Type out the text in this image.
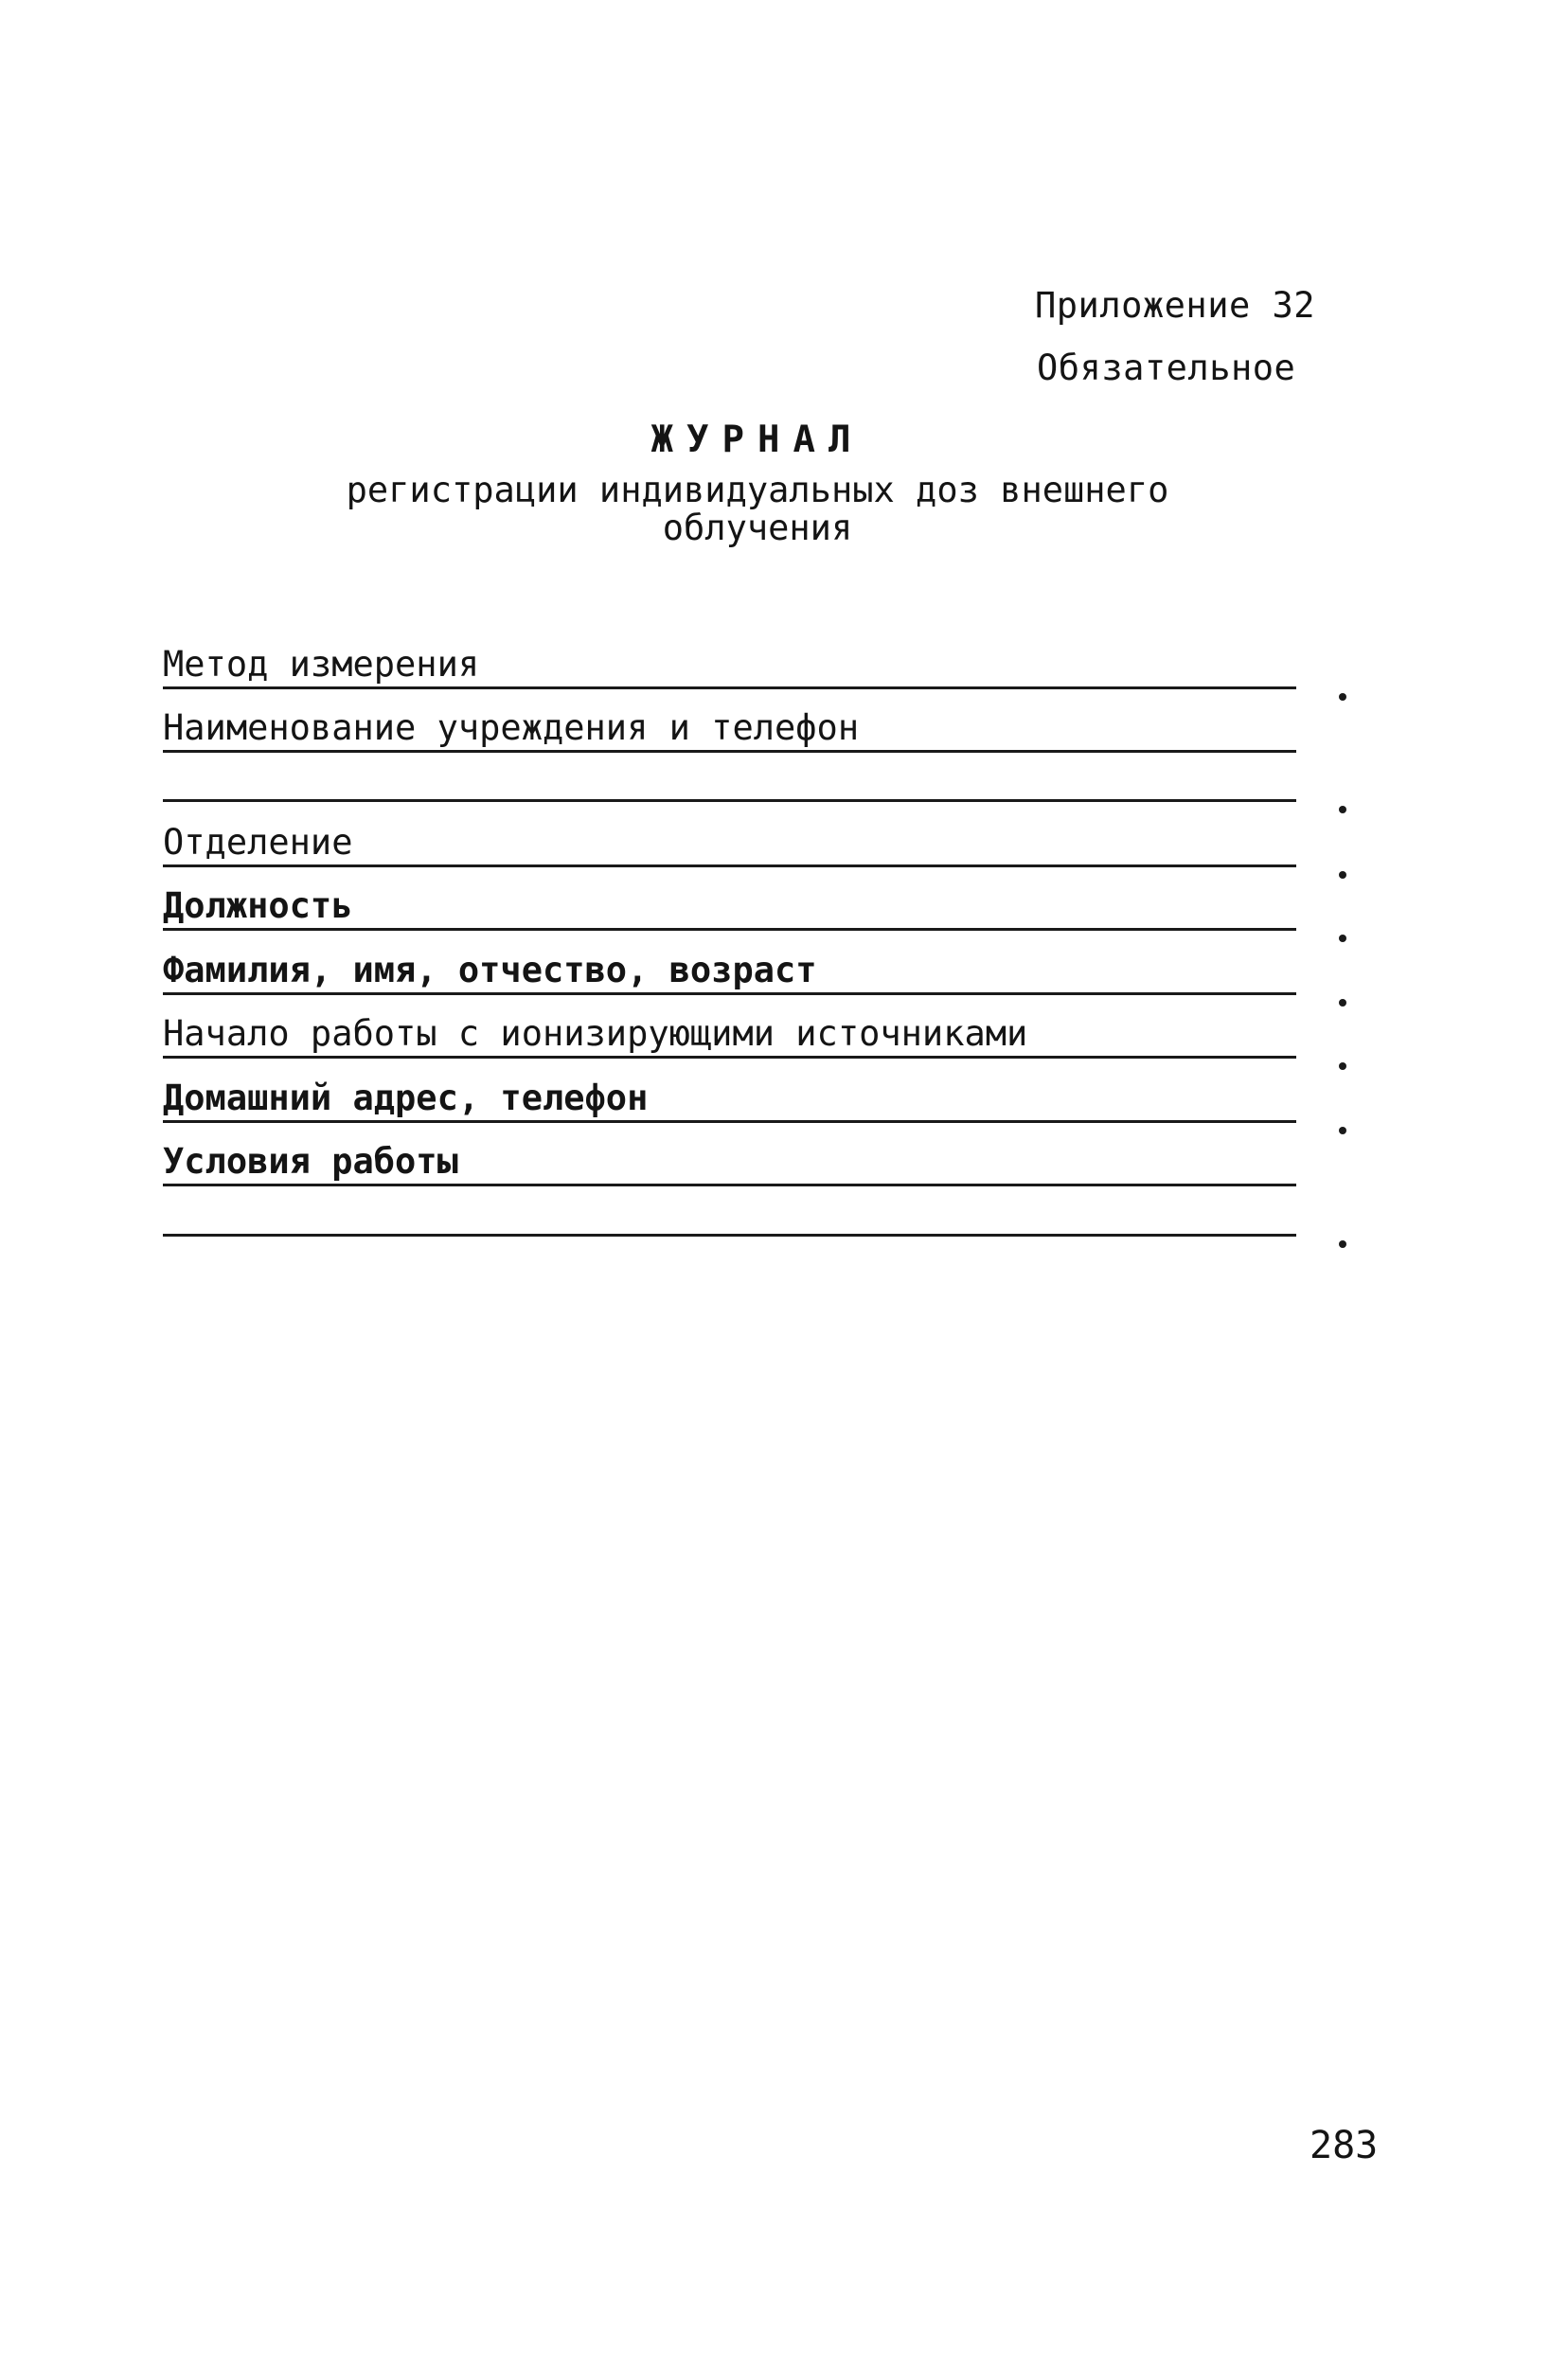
Приложение 32
Обязательное
ЖУРНАЛ
регистрации индивидуальных доз внешнего
облучения
Метод измерения
Наименование учреждения и телефон
Отделение
Должность
Фамилия, имя, отчество, возраст
Начало работы с ионизирующими источниками
Домашний адрес, телефон
Условия работы
283
